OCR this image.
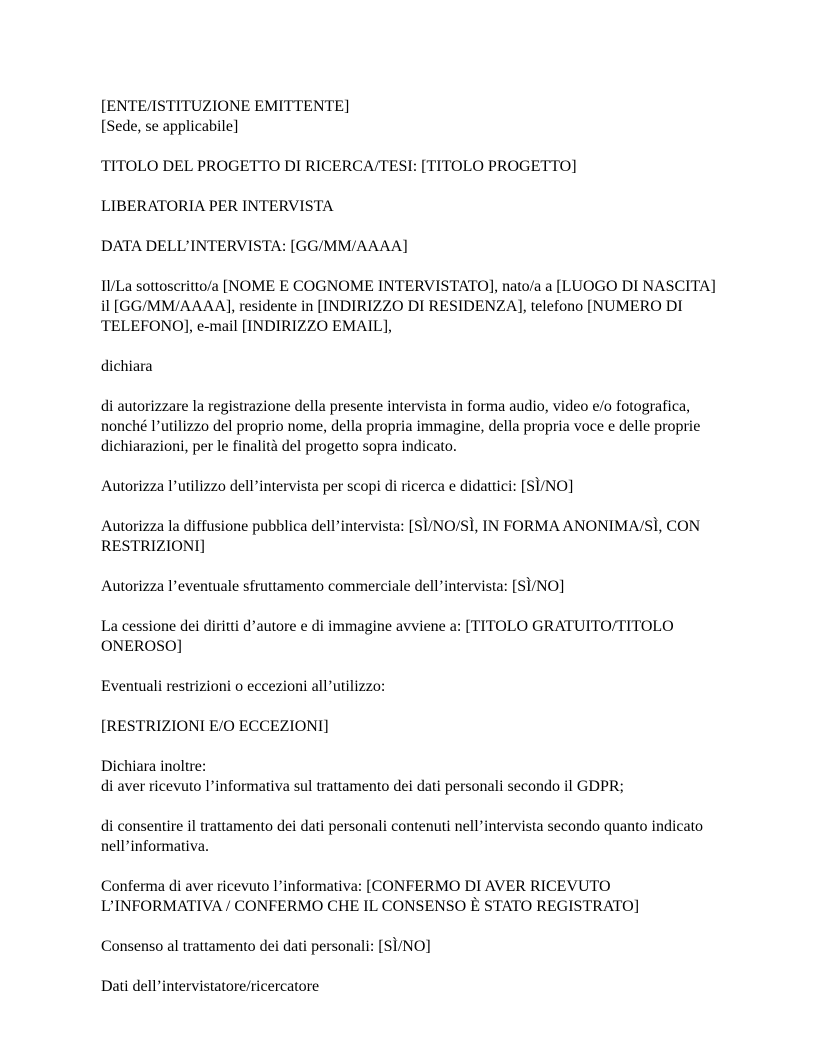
[ENTE/ISTITUZIONE EMITTENTE]
[Sede, se applicabile]

TITOLO DEL PROGETTO DI RICERCA/TESI: [TITOLO PROGETTO]

LIBERATORIA PER INTERVISTA

DATA DELL’INTERVISTA: [GG/MM/AAAA]

Il/La sottoscritto/a [NOME E COGNOME INTERVISTATO], nato/a a [LUOGO DI NASCITA] il [GG/MM/AAAA], residente in [INDIRIZZO DI RESIDENZA], telefono [NUMERO DI TELEFONO], e-mail [INDIRIZZO EMAIL],

dichiara

di autorizzare la registrazione della presente intervista in forma audio, video e/o fotografica, nonché l’utilizzo del proprio nome, della propria immagine, della propria voce e delle proprie dichiarazioni, per le finalità del progetto sopra indicato.

Autorizza l’utilizzo dell’intervista per scopi di ricerca e didattici: [SÌ/NO]

Autorizza la diffusione pubblica dell’intervista: [SÌ/NO/SÌ, IN FORMA ANONIMA/SÌ, CON RESTRIZIONI]

Autorizza l’eventuale sfruttamento commerciale dell’intervista: [SÌ/NO]

La cessione dei diritti d’autore e di immagine avviene a: [TITOLO GRATUITO/TITOLO ONEROSO]

Eventuali restrizioni o eccezioni all’utilizzo:

[RESTRIZIONI E/O ECCEZIONI]

Dichiara inoltre:
di aver ricevuto l’informativa sul trattamento dei dati personali secondo il GDPR;

di consentire il trattamento dei dati personali contenuti nell’intervista secondo quanto indicato nell’informativa.

Conferma di aver ricevuto l’informativa: [CONFERMO DI AVER RICEVUTO L’INFORMATIVA / CONFERMO CHE IL CONSENSO È STATO REGISTRATO]

Consenso al trattamento dei dati personali: [SÌ/NO]

Dati dell’intervistatore/ricercatore
